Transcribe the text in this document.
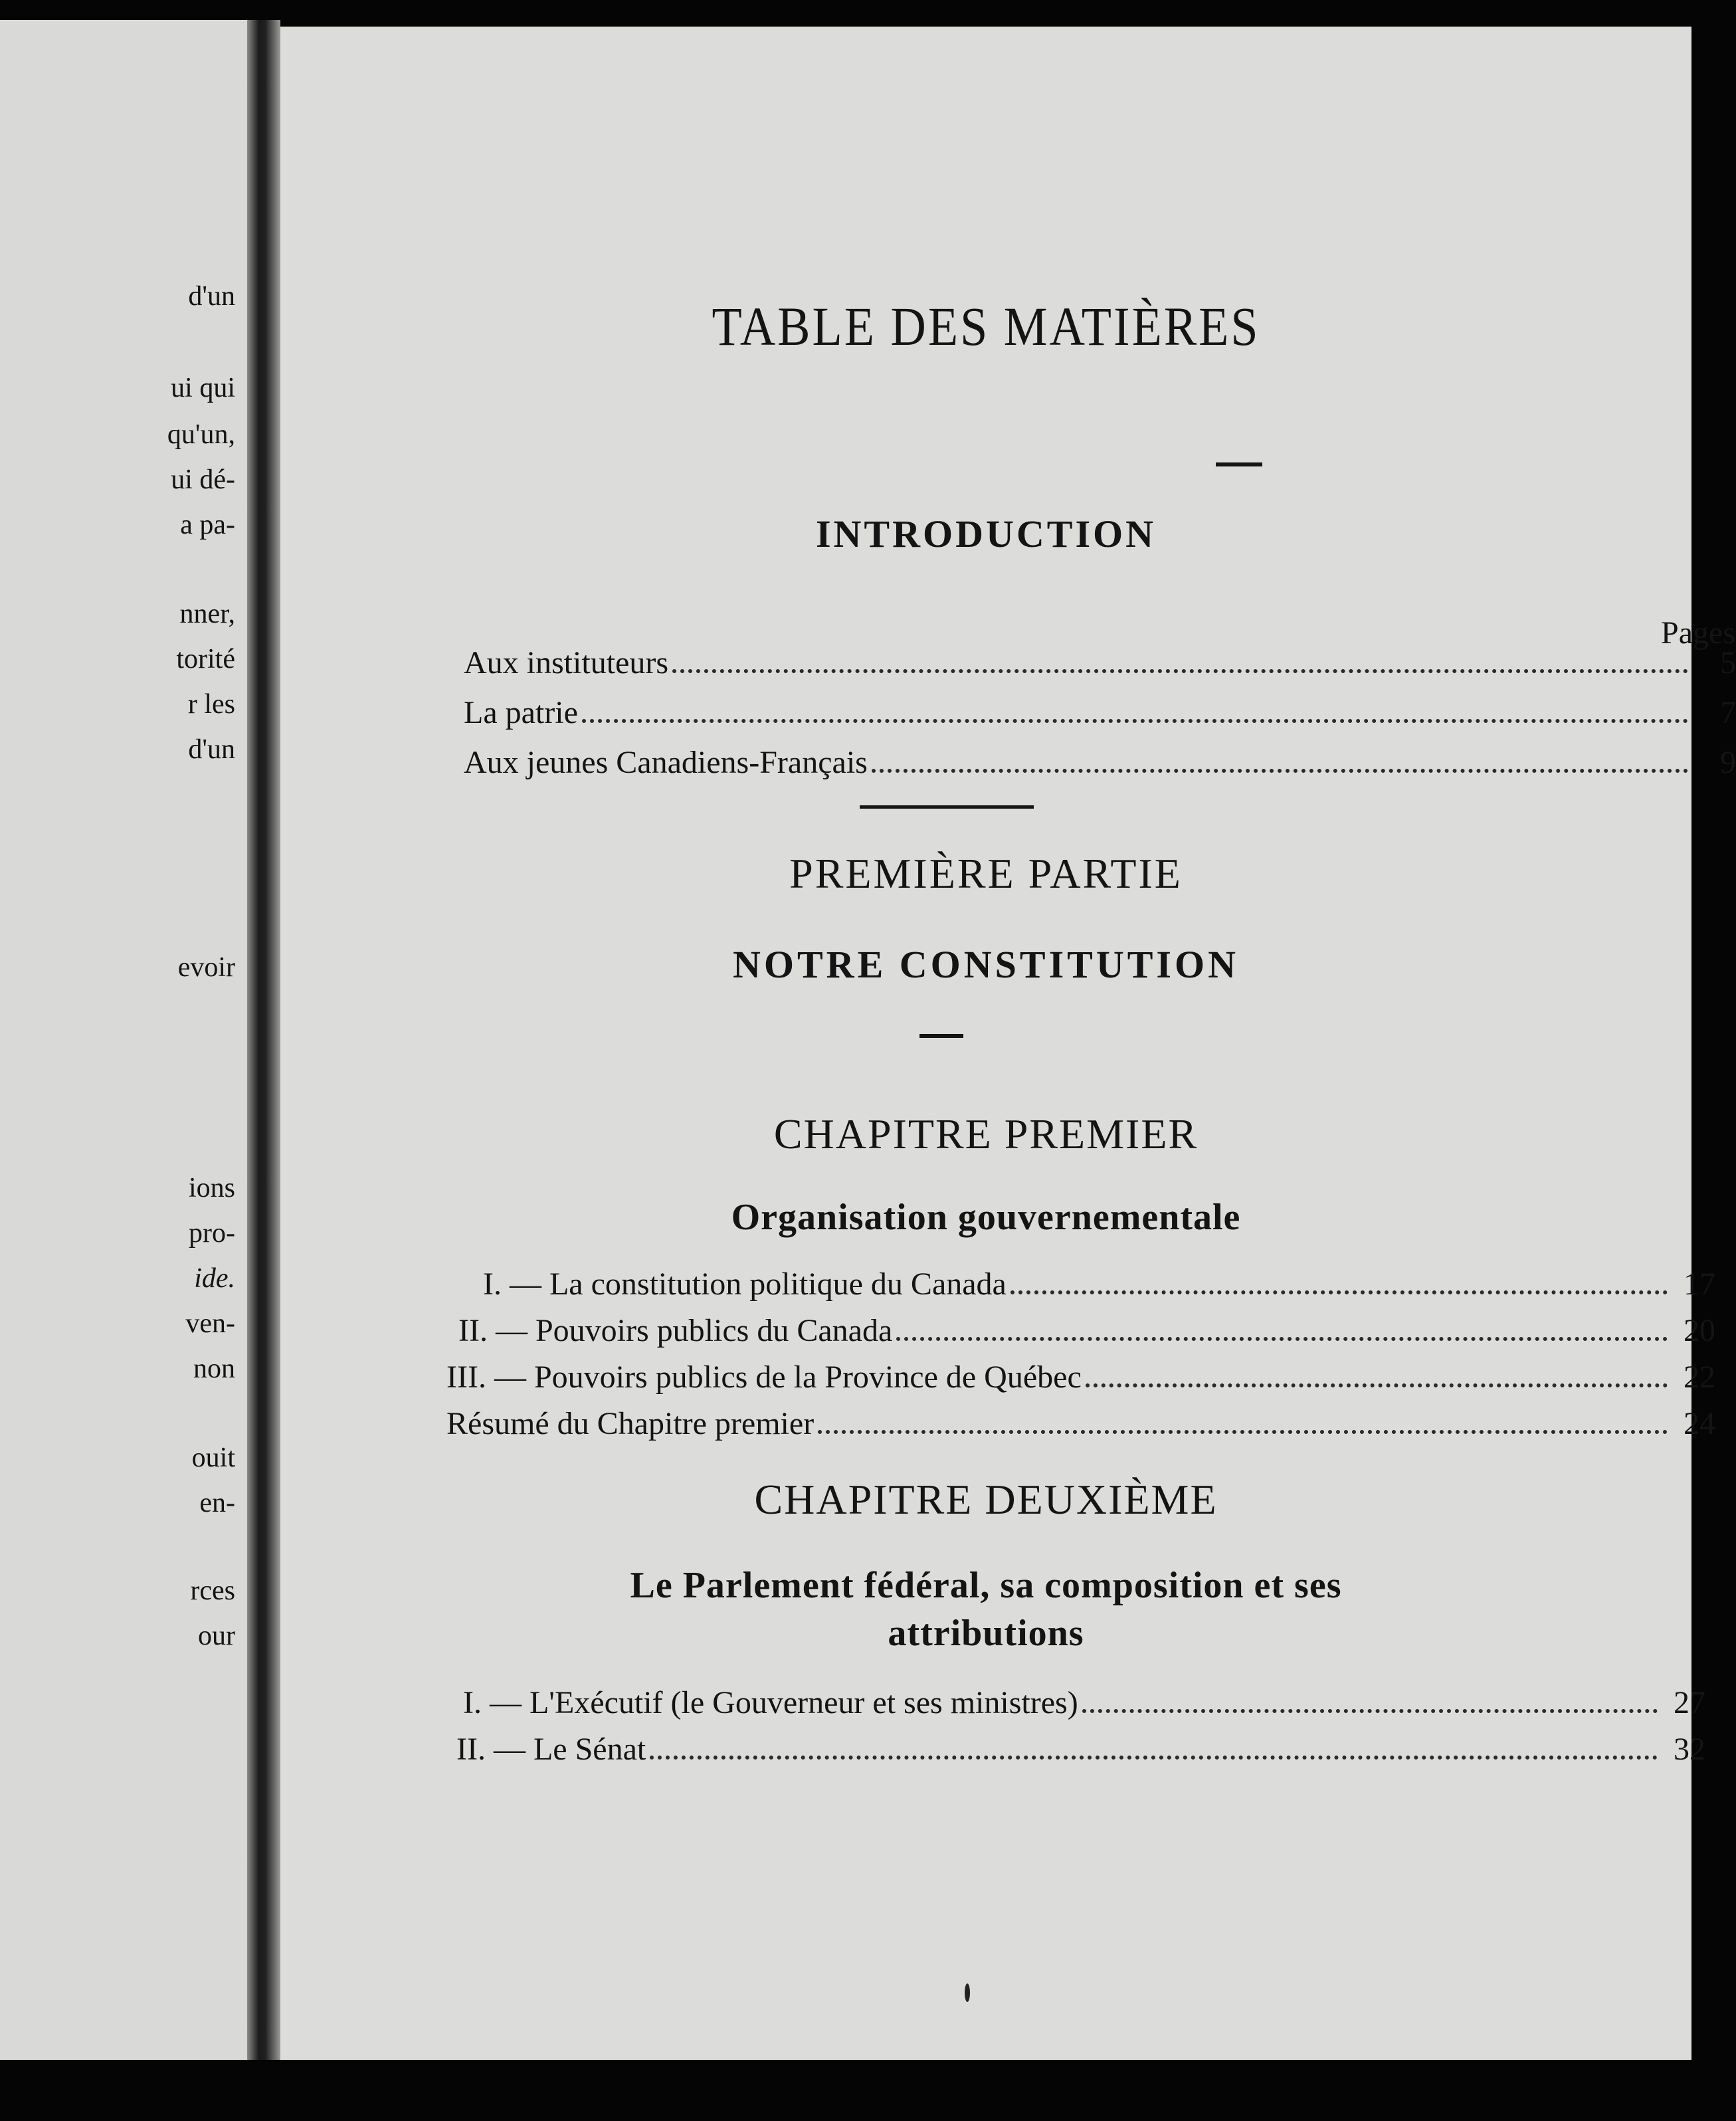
d'un
ui qui
qu'un,
ui dé-
a pa-
nner,
torité
r les
d'un
evoir
ions
pro-
ide.
ven-
non
ouit
en-
rces
our
TABLE DES MATIÈRES
INTRODUCTION
Pages
Aux instituteurs	5
La patrie	7
Aux jeunes Canadiens-Français	9
PREMIÈRE PARTIE
NOTRE CONSTITUTION
CHAPITRE PREMIER
Organisation gouvernementale
I. — La constitution politique du Canada	17
II. — Pouvoirs publics du Canada	20
III. — Pouvoirs publics de la Province de Québec	22
Résumé du Chapitre premier	24
CHAPITRE DEUXIÈME
Le Parlement fédéral, sa composition et ses
attributions
I. — L'Exécutif (le Gouverneur et ses ministres)	27
II. — Le Sénat	32
